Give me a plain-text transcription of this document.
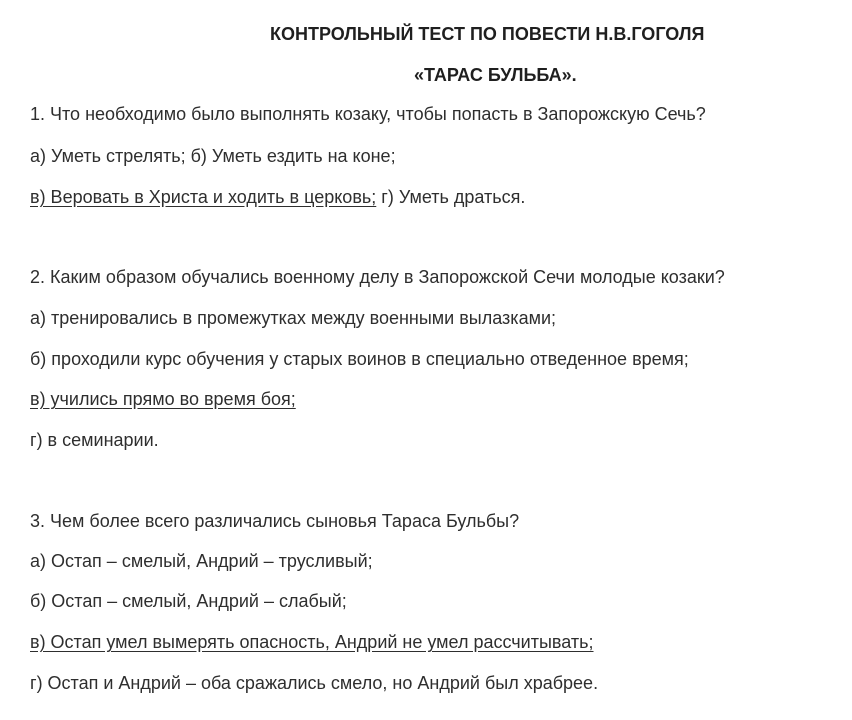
КОНТРОЛЬНЫЙ ТЕСТ ПО ПОВЕСТИ Н.В.ГОГОЛЯ
«ТАРАС БУЛЬБА».
1. Что необходимо было выполнять козаку, чтобы попасть в Запорожскую Сечь?
а) Уметь стрелять; б) Уметь ездить на коне;
в) Веровать в Христа и ходить в церковь; г) Уметь драться.
2. Каким образом обучались военному делу в Запорожской Сечи молодые козаки?
а) тренировались в промежутках между военными вылазками;
б) проходили курс обучения у старых воинов в специально отведенное время;
в) учились прямо во время боя;
г) в семинарии.
3. Чем более всего различались сыновья Тараса Бульбы?
а) Остап – смелый, Андрий – трусливый;
б) Остап – смелый, Андрий – слабый;
в) Остап умел вымерять опасность, Андрий не умел рассчитывать;
г) Остап и Андрий – оба сражались смело, но Андрий был храбрее.
